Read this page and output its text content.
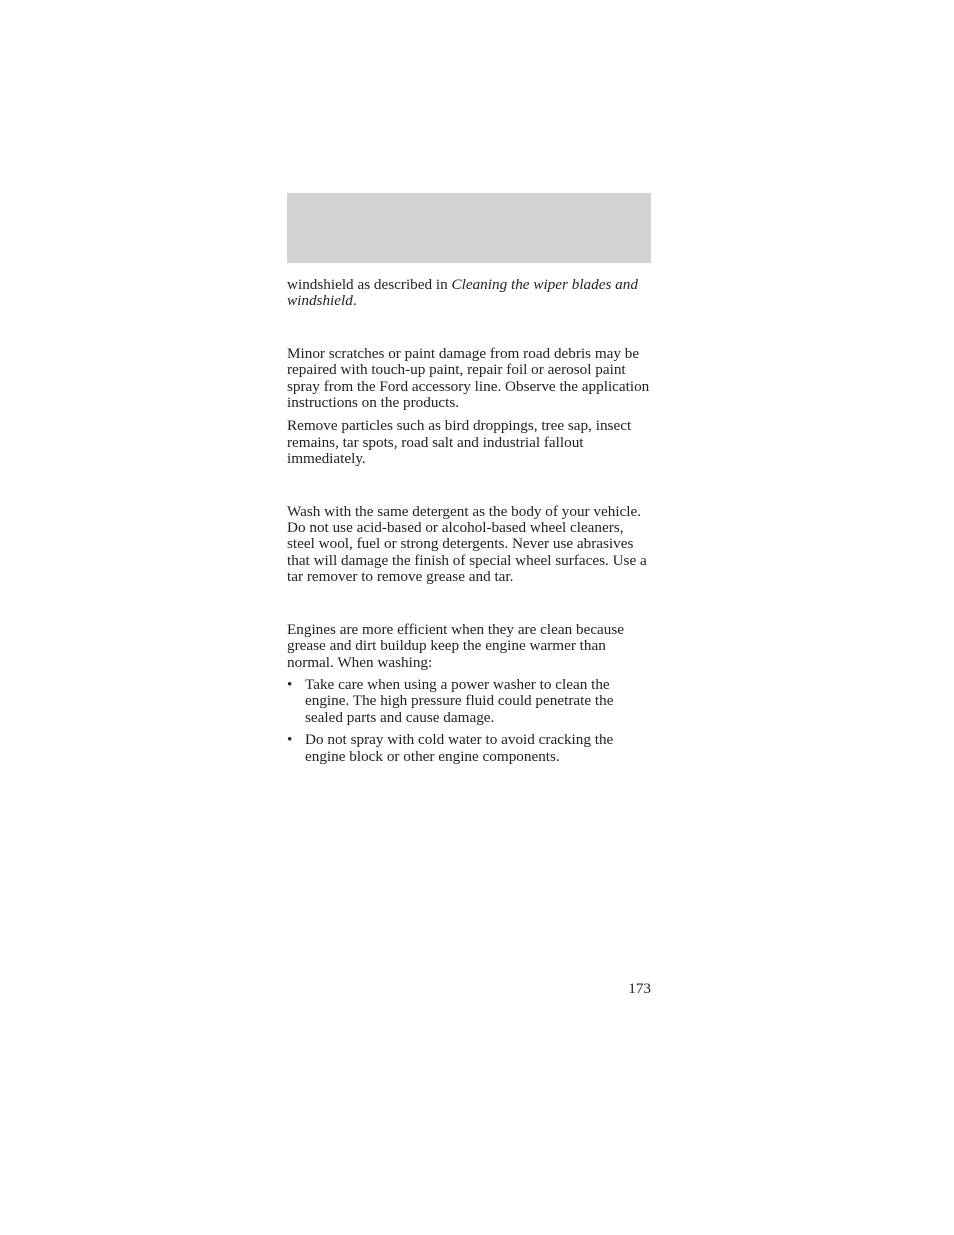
windshield as described in Cleaning the wiper blades and windshield.

Minor scratches or paint damage from road debris may be repaired with touch-up paint, repair foil or aerosol paint spray from the Ford accessory line. Observe the application instructions on the products.

Remove particles such as bird droppings, tree sap, insect remains, tar spots, road salt and industrial fallout immediately.

Wash with the same detergent as the body of your vehicle. Do not use acid-based or alcohol-based wheel cleaners, steel wool, fuel or strong detergents. Never use abrasives that will damage the finish of special wheel surfaces. Use a tar remover to remove grease and tar.

Engines are more efficient when they are clean because grease and dirt buildup keep the engine warmer than normal. When washing:

• Take care when using a power washer to clean the engine. The high pressure fluid could penetrate the sealed parts and cause damage.
• Do not spray with cold water to avoid cracking the engine block or other engine components.
173
